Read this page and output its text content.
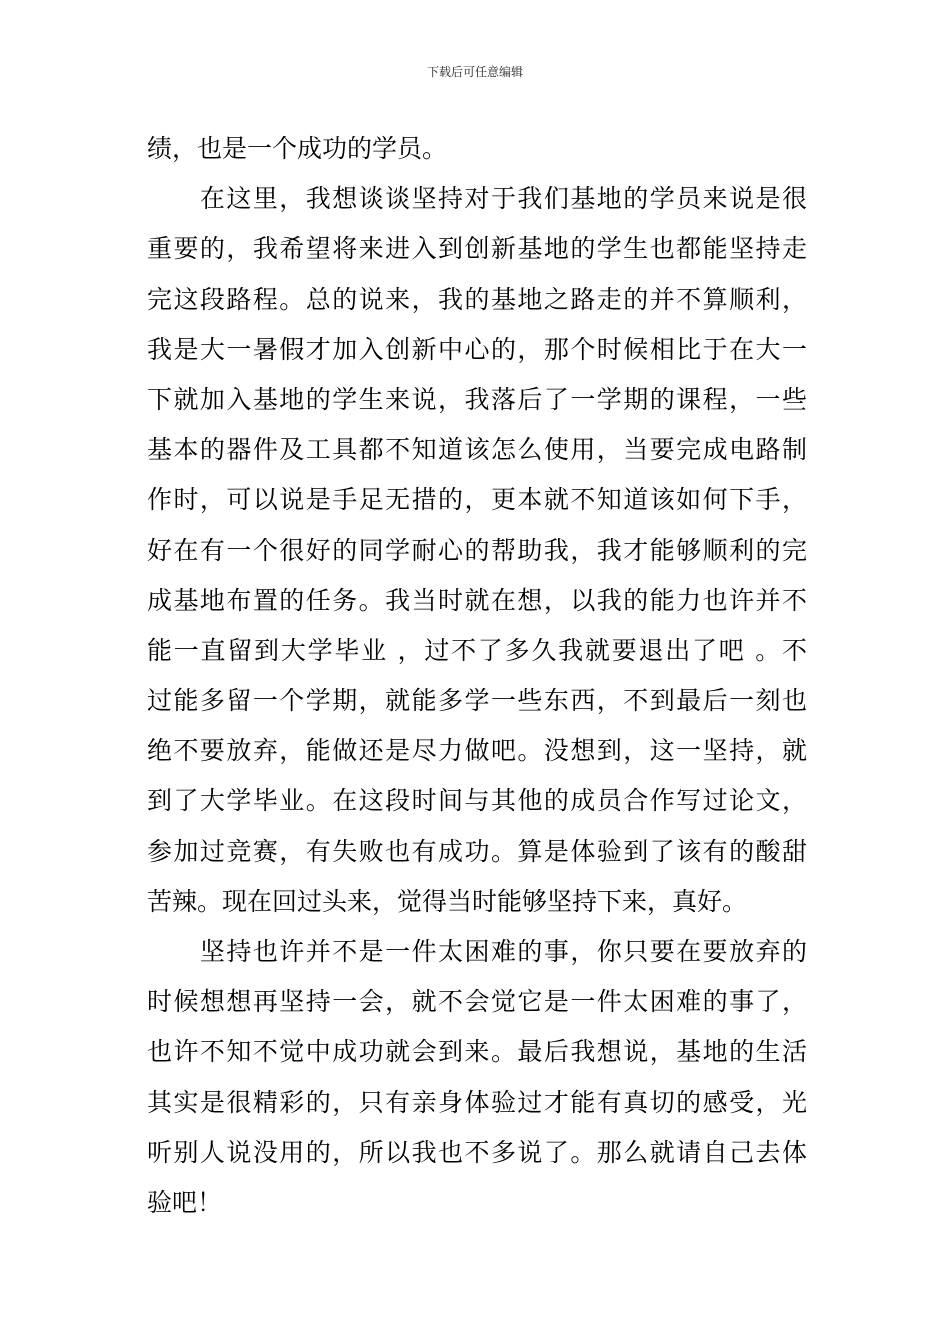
下载后可任意编辑
绩，也是一个成功的学员。
　　在这里，我想谈谈坚持对于我们基地的学员来说是很
重要的，我希望将来进入到创新基地的学生也都能坚持走
完这段路程。总的说来，我的基地之路走的并不算顺利，
我是大一暑假才加入创新中心的，那个时候相比于在大一
下就加入基地的学生来说，我落后了一学期的课程，一些
基本的器件及工具都不知道该怎么使用，当要完成电路制
作时，可以说是手足无措的，更本就不知道该如何下手，
好在有一个很好的同学耐心的帮助我，我才能够顺利的完
成基地布置的任务。我当时就在想，以我的能力也许并不
能一直留到大学毕业 ，过不了多久我就要退出了吧 。不
过能多留一个学期，就能多学一些东西，不到最后一刻也
绝不要放弃，能做还是尽力做吧。没想到，这一坚持，就
到了大学毕业。在这段时间与其他的成员合作写过论文，
参加过竞赛，有失败也有成功。算是体验到了该有的酸甜
苦辣。现在回过头来，觉得当时能够坚持下来，真好。
　　坚持也许并不是一件太困难的事，你只要在要放弃的
时候想想再坚持一会，就不会觉它是一件太困难的事了，
也许不知不觉中成功就会到来。最后我想说，基地的生活
其实是很精彩的，只有亲身体验过才能有真切的感受，光
听别人说没用的，所以我也不多说了。那么就请自己去体
验吧！
